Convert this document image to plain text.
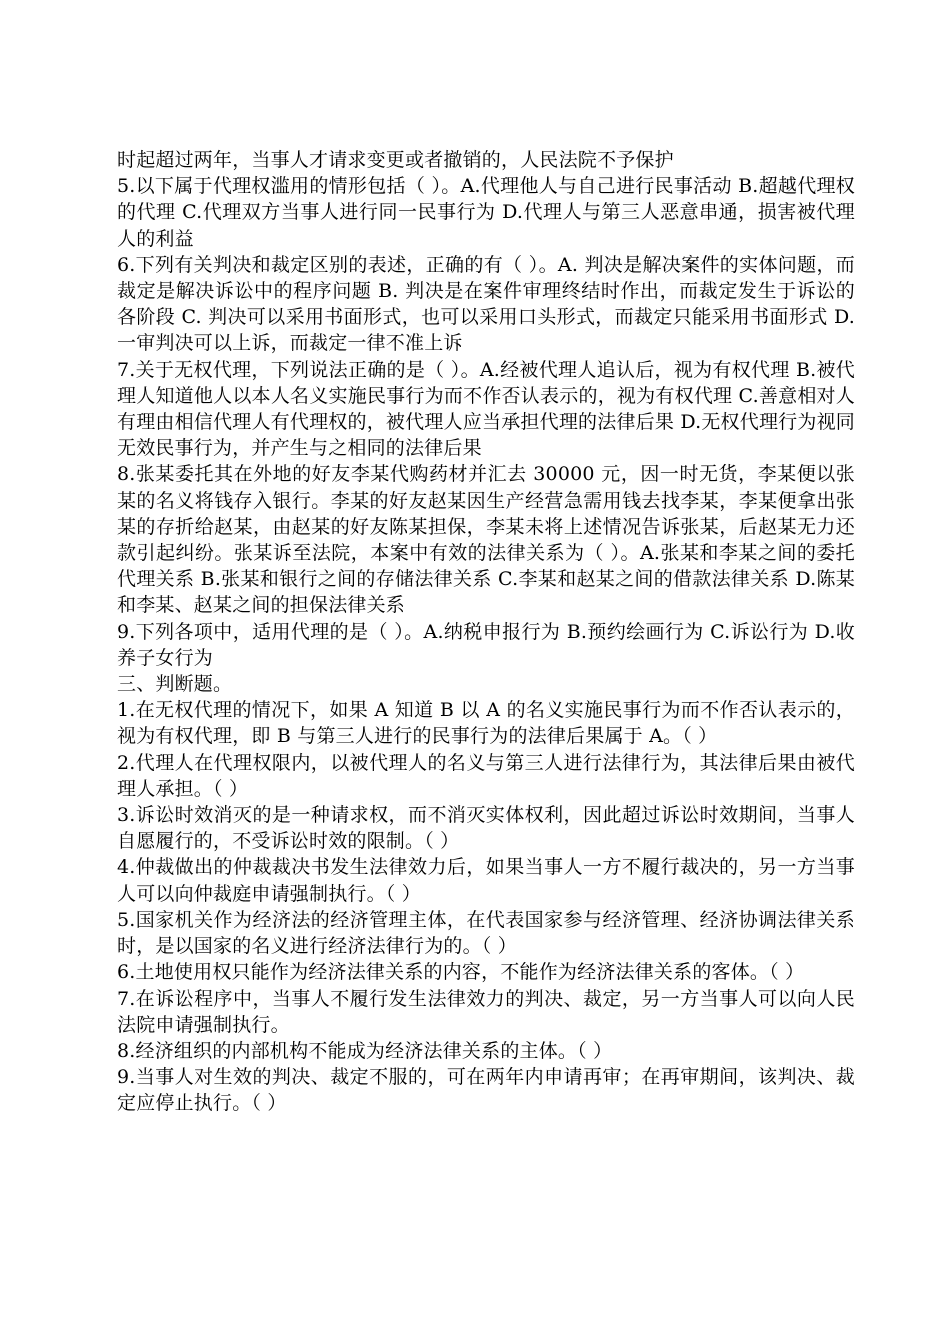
时起超过两年，当事人才请求变更或者撤销的，人民法院不予保护

5.以下属于代理权滥用的情形包括（ ）。A.代理他人与自己进行民事活动 B.超越代理权的代理 C.代理双方当事人进行同一民事行为 D.代理人与第三人恶意串通，损害被代理人的利益

6.下列有关判决和裁定区别的表述，正确的有（ ）。A. 判决是解决案件的实体问题，而裁定是解决诉讼中的程序问题 B. 判决是在案件审理终结时作出，而裁定发生于诉讼的各阶段 C. 判决可以采用书面形式，也可以采用口头形式，而裁定只能采用书面形式 D. 一审判决可以上诉，而裁定一律不准上诉

7.关于无权代理，下列说法正确的是（ ）。A.经被代理人追认后，视为有权代理 B.被代理人知道他人以本人名义实施民事行为而不作否认表示的，视为有权代理 C.善意相对人有理由相信代理人有代理权的，被代理人应当承担代理的法律后果 D.无权代理行为视同无效民事行为，并产生与之相同的法律后果

8.张某委托其在外地的好友李某代购药材并汇去 30000 元，因一时无货，李某便以张某的名义将钱存入银行。李某的好友赵某因生产经营急需用钱去找李某，李某便拿出张某的存折给赵某，由赵某的好友陈某担保，李某未将上述情况告诉张某，后赵某无力还款引起纠纷。张某诉至法院，本案中有效的法律关系为（ ）。A.张某和李某之间的委托代理关系 B.张某和银行之间的存储法律关系 C.李某和赵某之间的借款法律关系 D.陈某和李某、赵某之间的担保法律关系

9.下列各项中，适用代理的是（ ）。A.纳税申报行为 B.预约绘画行为 C.诉讼行为 D.收养子女行为

三、判断题。

1.在无权代理的情况下，如果 A 知道 B 以 A 的名义实施民事行为而不作否认表示的，视为有权代理，即 B 与第三人进行的民事行为的法律后果属于 A。（ ）

2.代理人在代理权限内，以被代理人的名义与第三人进行法律行为，其法律后果由被代理人承担。（ ）

3.诉讼时效消灭的是一种请求权，而不消灭实体权利，因此超过诉讼时效期间，当事人自愿履行的，不受诉讼时效的限制。（ ）

4.仲裁做出的仲裁裁决书发生法律效力后，如果当事人一方不履行裁决的，另一方当事人可以向仲裁庭申请强制执行。（ ）

5.国家机关作为经济法的经济管理主体，在代表国家参与经济管理、经济协调法律关系时，是以国家的名义进行经济法律行为的。（ ）

6.土地使用权只能作为经济法律关系的内容，不能作为经济法律关系的客体。（ ）

7.在诉讼程序中，当事人不履行发生法律效力的判决、裁定，另一方当事人可以向人民法院申请强制执行。

8.经济组织的内部机构不能成为经济法律关系的主体。（ ）

9.当事人对生效的判决、裁定不服的，可在两年内申请再审；在再审期间，该判决、裁定应停止执行。（ ）
